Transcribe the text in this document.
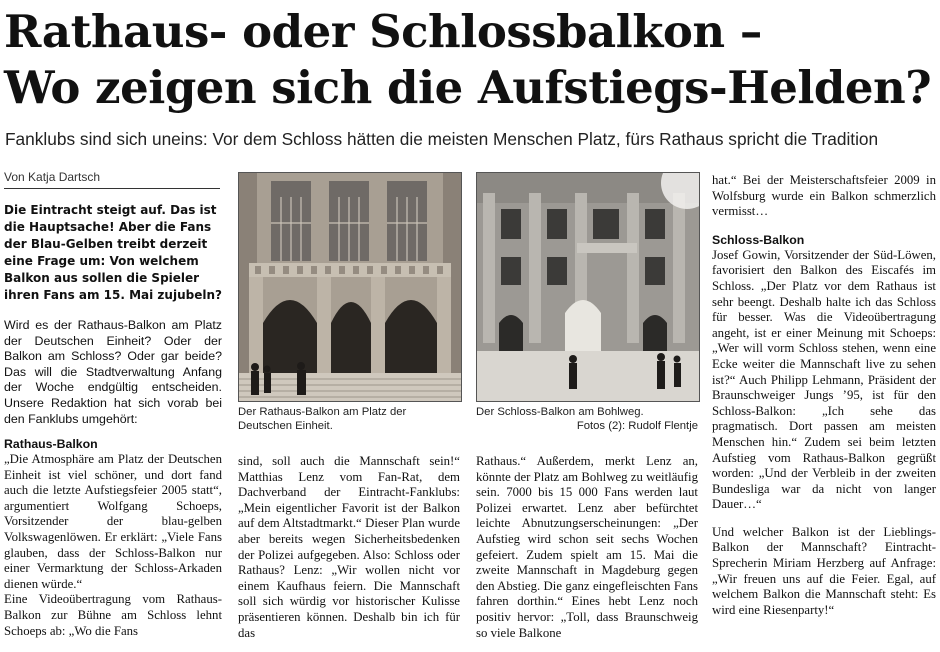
Rathaus- oder Schlossbalkon –
Wo zeigen sich die Aufstiegs-Helden?

Fanklubs sind sich uneins: Vor dem Schloss hätten die meisten Menschen Platz, fürs Rathaus spricht die Tradition

Von Katja Dartsch

Die Eintracht steigt auf. Das ist die Hauptsache! Aber die Fans der Blau-Gelben treibt derzeit eine Frage um: Von welchem Balkon aus sollen die Spieler ihren Fans am 15. Mai zujubeln?

Wird es der Rathaus-Balkon am Platz der Deutschen Einheit? Oder der Balkon am Schloss? Oder gar beide? Das will die Stadtverwaltung Anfang der Woche endgültig entscheiden. Unsere Redaktion hat sich vorab bei den Fanklubs umgehört:

Rathaus-Balkon

„Die Atmosphäre am Platz der Deutschen Einheit ist viel schöner, und dort fand auch die letzte Aufstiegsfeier 2005 statt“, argumentiert Wolfgang Schoeps, Vorsitzender der blau-gelben Volkswagenlöwen. Er erklärt: „Viele Fans glauben, dass der Schloss-Balkon nur einer Vermarktung der Schloss-Arkaden dienen würde.“

Eine Videoübertragung vom Rathaus-Balkon zur Bühne am Schloss lehnt Schoeps ab: „Wo die Fans

Der Rathaus-Balkon am Platz der Deutschen Einheit.

Der Schloss-Balkon am Bohlweg.
Fotos (2): Rudolf Flentje

sind, soll auch die Mannschaft sein!“ Matthias Lenz vom Fan-Rat, dem Dachverband der Eintracht-Fanklubs: „Mein eigentlicher Favorit ist der Balkon auf dem Altstadtmarkt.“ Dieser Plan wurde aber bereits wegen Sicherheitsbedenken der Polizei aufgegeben. Also: Schloss oder Rathaus? Lenz: „Wir wollen nicht vor einem Kaufhaus feiern. Die Mannschaft soll sich würdig vor historischer Kulisse präsentieren können. Deshalb bin ich für das

Rathaus.“ Außerdem, merkt Lenz an, könnte der Platz am Bohlweg zu weitläufig sein. 7000 bis 15 000 Fans werden laut Polizei erwartet. Lenz aber befürchtet leichte Abnutzungserscheinungen: „Der Aufstieg wird schon seit sechs Wochen gefeiert. Zudem spielt am 15. Mai die zweite Mannschaft in Magdeburg gegen den Abstieg. Die ganz eingefleischten Fans fahren dorthin.“ Eines hebt Lenz noch positiv hervor: „Toll, dass Braunschweig so viele Balkone

hat.“ Bei der Meisterschaftsfeier 2009 in Wolfsburg wurde ein Balkon schmerzlich vermisst…

Schloss-Balkon

Josef Gowin, Vorsitzender der Süd-Löwen, favorisiert den Balkon des Eiscafés im Schloss. „Der Platz vor dem Rathaus ist sehr beengt. Deshalb halte ich das Schloss für besser. Was die Videoübertragung angeht, ist er einer Meinung mit Schoeps: „Wer will vorm Schloss stehen, wenn eine Ecke weiter die Mannschaft live zu sehen ist?“ Auch Philipp Lehmann, Präsident der Braunschweiger Jungs ’95, ist für den Schloss-Balkon: „Ich sehe das pragmatisch. Dort passen am meisten Menschen hin.“ Zudem sei beim letzten Aufstieg vom Rathaus-Balkon gegrüßt worden: „Und der Verbleib in der zweiten Bundesliga war da nicht von langer Dauer…“

Und welcher Balkon ist der Lieblings-Balkon der Mannschaft? Eintracht-Sprecherin Miriam Herzberg auf Anfrage: „Wir freuen uns auf die Feier. Egal, auf welchem Balkon die Mannschaft steht: Es wird eine Riesenparty!“
